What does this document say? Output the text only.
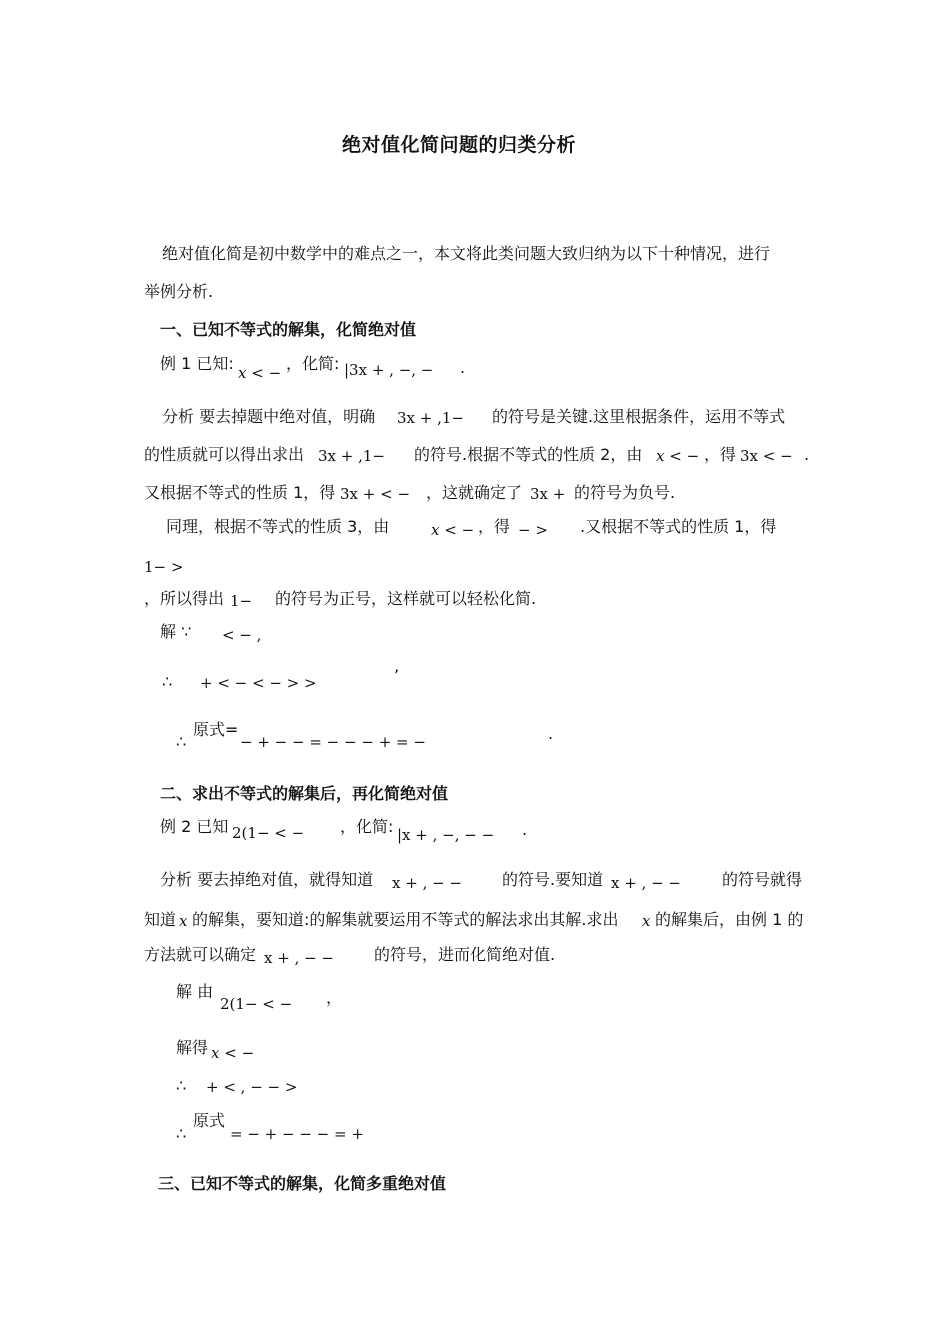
绝对值化简问题的归类分析
绝对值化简是初中数学中的难点之一，本文将此类问题大致归纳为以下十种情况，进行
举例分析.
一、已知不等式的解集，化简绝对值
例 1 已知: x < − ，化简: |3x + , −, − .
分析 要去掉题中绝对值，明确 3x + ,1− 的符号是关键.这里根据条件，运用不等式
的性质就可以得出求出 3x + ,1− 的符号.根据不等式的性质 2，由 x < − ，得 3x < − .
又根据不等式的性质 1，得 3x + < − ，这就确定了 3x + 的符号为负号.
同理，根据不等式的性质 3，由	x < − ，得 − > .又根据不等式的性质 1，得
1− >
，所以得出 1− 的符号为正号，这样就可以轻松化简.
解 ∵ < − ,
∴ + < − < − > >	’
∴
原式=
− + − − = − − − + = −	.
二、求出不等式的解集后，再化简绝对值
例 2 已知 2(1− < − ，化简: |x + , −, − − .
分析 要去掉绝对值，就得知道 x + , − − 的符号.要知道 x + , − −	的符号就得
知道 x 的解集，要知道:的解集就要运用不等式的解法求出其解.求出 x 的解集后，由例 1 的
方法就可以确定 x + , − − 的符号，进而化简绝对值.
解 由
2(1− < − ，
解得 x < −
∴ + < , − − >
∴
原式
= − + − − − = +
三、已知不等式的解集，化简多重绝对值
